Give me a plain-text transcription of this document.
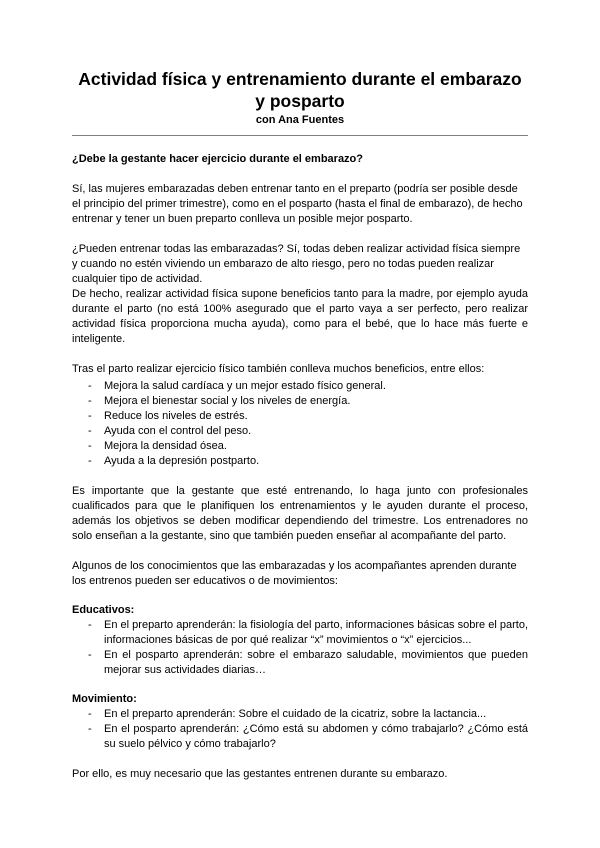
Actividad física y entrenamiento durante el embarazo y posparto
con Ana Fuentes

¿Debe la gestante hacer ejercicio durante el embarazo?

Sí, las mujeres embarazadas deben entrenar tanto en el preparto (podría ser posible desde el principio del primer trimestre), como en el posparto (hasta el final de embarazo), de hecho entrenar y tener un buen preparto conlleva un posible mejor posparto.

¿Pueden entrenar todas las embarazadas? Sí, todas deben realizar actividad física siempre y cuando no estén viviendo un embarazo de alto riesgo, pero no todas pueden realizar cualquier tipo de actividad.

De hecho, realizar actividad física supone beneficios tanto para la madre, por ejemplo ayuda durante el parto (no está 100% asegurado que el parto vaya a ser perfecto, pero realizar actividad física proporciona mucha ayuda), como para el bebé, que lo hace más fuerte e inteligente.

Tras el parto realizar ejercicio físico también conlleva muchos beneficios, entre ellos:

- Mejora la salud cardíaca y un mejor estado físico general.
- Mejora el bienestar social y los niveles de energía.
- Reduce los niveles de estrés.
- Ayuda con el control del peso.
- Mejora la densidad ósea.
- Ayuda a la depresión postparto.

Es importante que la gestante que esté entrenando, lo haga junto con profesionales cualificados para que le planifiquen los entrenamientos y le ayuden durante el proceso, además los objetivos se deben modificar dependiendo del trimestre. Los entrenadores no solo enseñan a la gestante, sino que también pueden enseñar al acompañante del parto.

Algunos de los conocimientos que las embarazadas y los acompañantes aprenden durante los entrenos pueden ser educativos o de movimientos:

Educativos:

- En el preparto aprenderán: la fisiología del parto, informaciones básicas sobre el parto, informaciones básicas de por qué realizar “x” movimientos o “x” ejercicios...
- En el posparto aprenderán: sobre el embarazo saludable, movimientos que pueden mejorar sus actividades diarias…

Movimiento:

- En el preparto aprenderán: Sobre el cuidado de la cicatriz, sobre la lactancia...
- En el posparto aprenderán: ¿Cómo está su abdomen y cómo trabajarlo? ¿Cómo está su suelo pélvico y cómo trabajarlo?

Por ello, es muy necesario que las gestantes entrenen durante su embarazo.
